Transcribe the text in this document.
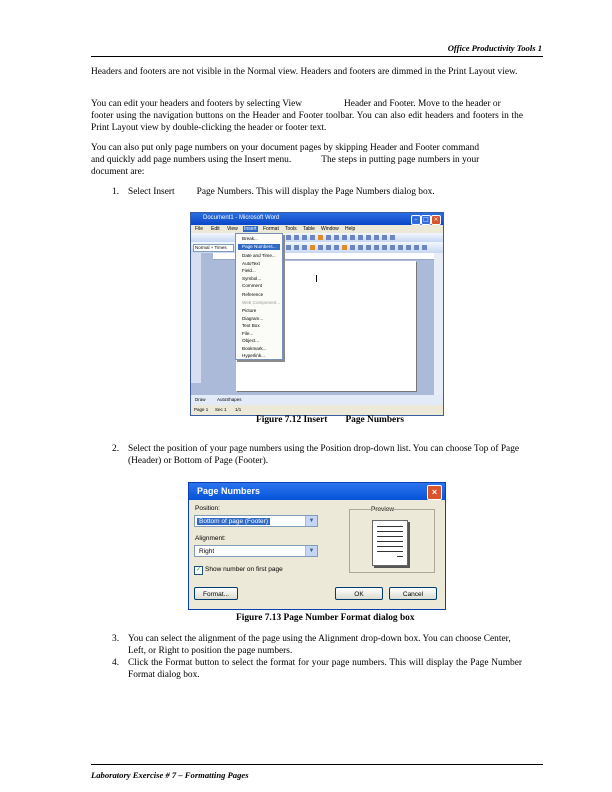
Office Productivity Tools 1

Headers and footers are not visible in the Normal view. Headers and footers are dimmed in the Print Layout view.

You can edit your headers and footers by selecting View	Header and Footer. Move to the header or

footer using the navigation buttons on the Header and Footer toolbar. You can also edit headers and footers in the Print Layout view by double-clicking the header or footer text.

You can also put only page numbers on your document pages by skipping Header and Footer command

and quickly add page numbers using the Insert menu.	The steps in putting page numbers in your

document are:

1. Select Insert Page Numbers. This will display the Page Numbers dialog box.

Document1 - Microsoft Word	– □ ×
File Edit View Insert Format Tools Table Window Help
Normal + Times
Draw	AutoShapes
Page 1 Sec 1 1/1
Break...
Page Numbers...
Date and Time...
AutoText
Field...
Symbol...
Comment
Reference
Web Component...
Picture
Diagram...
Text Box
File...
Object...
Bookmark...
Hyperlink...
Figure 7.12 Insert Page Numbers
2. Select the position of your page numbers using the Position drop-down list. You can choose Top of Page (Header) or Bottom of Page (Footer).

Page Numbers	×
Position:
Bottom of page (Footer)	▼
Alignment:
Right	▼
✓ Show number on first page
Preview
Format...	OK	Cancel
Figure 7.13 Page Number Format dialog box
3. You can select the alignment of the page using the Alignment drop-down box. You can choose Center, Left, or Right to position the page numbers.

4. Click the Format button to select the format for your page numbers. This will display the Page Number Format dialog box.

Laboratory Exercise # 7 – Formatting Pages
